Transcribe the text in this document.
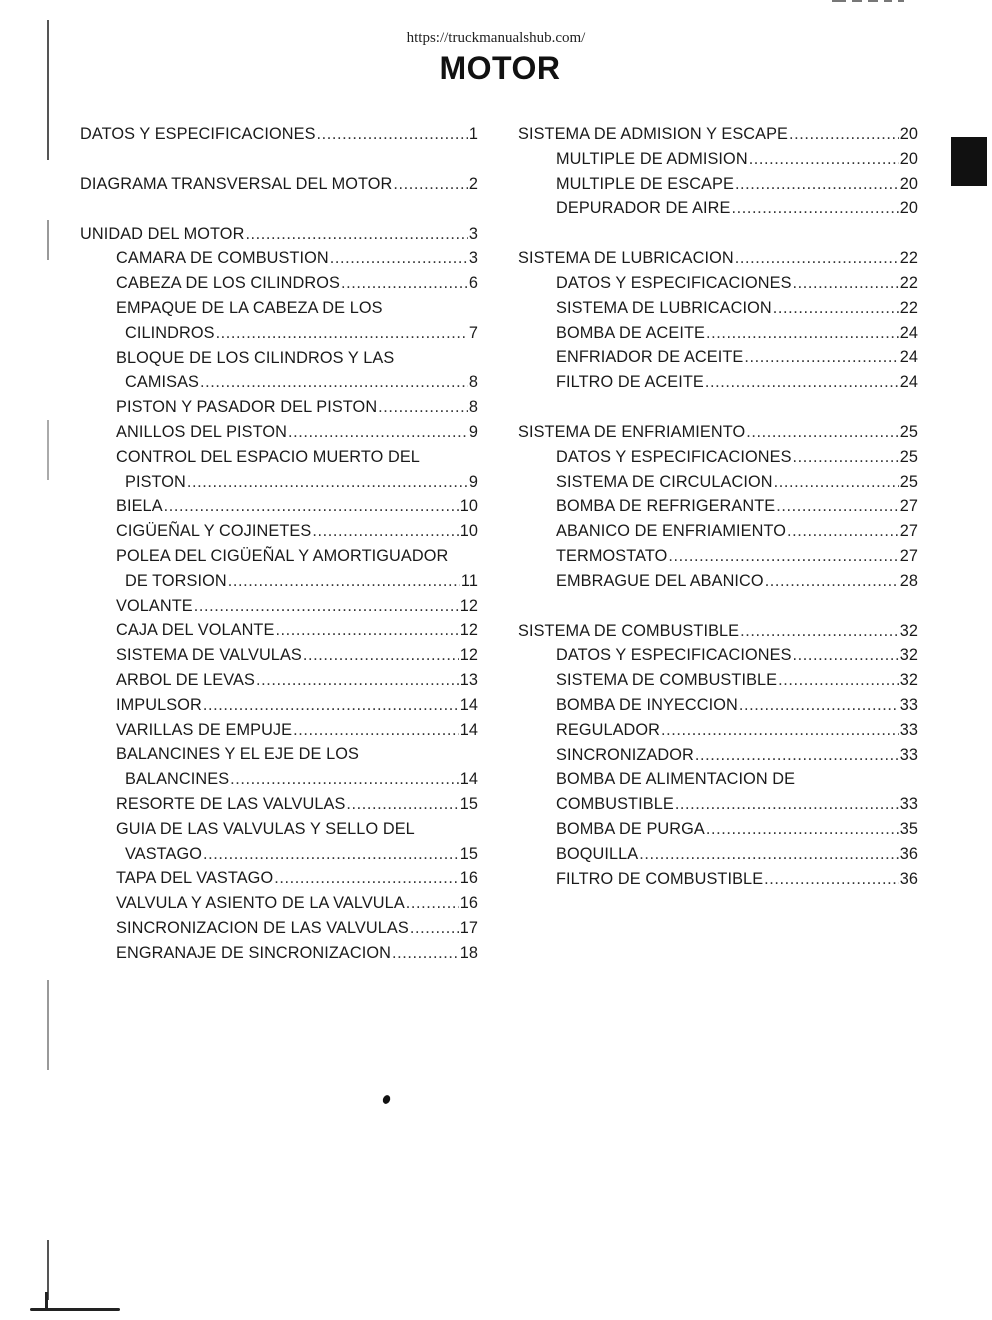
https://truckmanualshub.com/
MOTOR
DATOS Y ESPECIFICACIONES .....	1
DIAGRAMA TRANSVERSAL DEL MOTOR .....	2
UNIDAD DEL MOTOR .....	3
CAMARA DE COMBUSTION .....	3
CABEZA DE LOS CILINDROS .....	6
EMPAQUE DE LA CABEZA DE LOS
CILINDROS .....	7
BLOQUE DE LOS CILINDROS Y LAS
CAMISAS .....	8
PISTON Y PASADOR DEL PISTON .....	8
ANILLOS DEL PISTON .....	9
CONTROL DEL ESPACIO MUERTO DEL
PISTON .....	9
BIELA .....	10
CIGÜEÑAL Y COJINETES .....	10
POLEA DEL CIGÜEÑAL Y AMORTIGUADOR
DE TORSION .....	11
VOLANTE .....	12
CAJA DEL VOLANTE .....	12
SISTEMA DE VALVULAS .....	12
ARBOL DE LEVAS .....	13
IMPULSOR .....	14
VARILLAS DE EMPUJE .....	14
BALANCINES Y EL EJE DE LOS
BALANCINES .....	14
RESORTE DE LAS VALVULAS .....	15
GUIA DE LAS VALVULAS Y SELLO DEL
VASTAGO .....	15
TAPA DEL VASTAGO .....	16
VALVULA Y ASIENTO DE LA VALVULA .....	16
SINCRONIZACION DE LAS VALVULAS .....	17
ENGRANAJE DE SINCRONIZACION .....	18
SISTEMA DE ADMISION Y ESCAPE .....	20
MULTIPLE DE ADMISION .....	20
MULTIPLE DE ESCAPE .....	20
DEPURADOR DE AIRE .....	20
SISTEMA DE LUBRICACION .....	22
DATOS Y ESPECIFICACIONES .....	22
SISTEMA DE LUBRICACION .....	22
BOMBA DE ACEITE .....	24
ENFRIADOR DE ACEITE .....	24
FILTRO DE ACEITE .....	24
SISTEMA DE ENFRIAMIENTO .....	25
DATOS Y ESPECIFICACIONES .....	25
SISTEMA DE CIRCULACION .....	25
BOMBA DE REFRIGERANTE .....	27
ABANICO DE ENFRIAMIENTO .....	27
TERMOSTATO .....	27
EMBRAGUE DEL ABANICO .....	28
SISTEMA DE COMBUSTIBLE .....	32
DATOS Y ESPECIFICACIONES .....	32
SISTEMA DE COMBUSTIBLE .....	32
BOMBA DE INYECCION .....	33
REGULADOR .....	33
SINCRONIZADOR .....	33
BOMBA DE ALIMENTACION DE
COMBUSTIBLE .....	33
BOMBA DE PURGA .....	35
BOQUILLA .....	36
FILTRO DE COMBUSTIBLE .....	36
